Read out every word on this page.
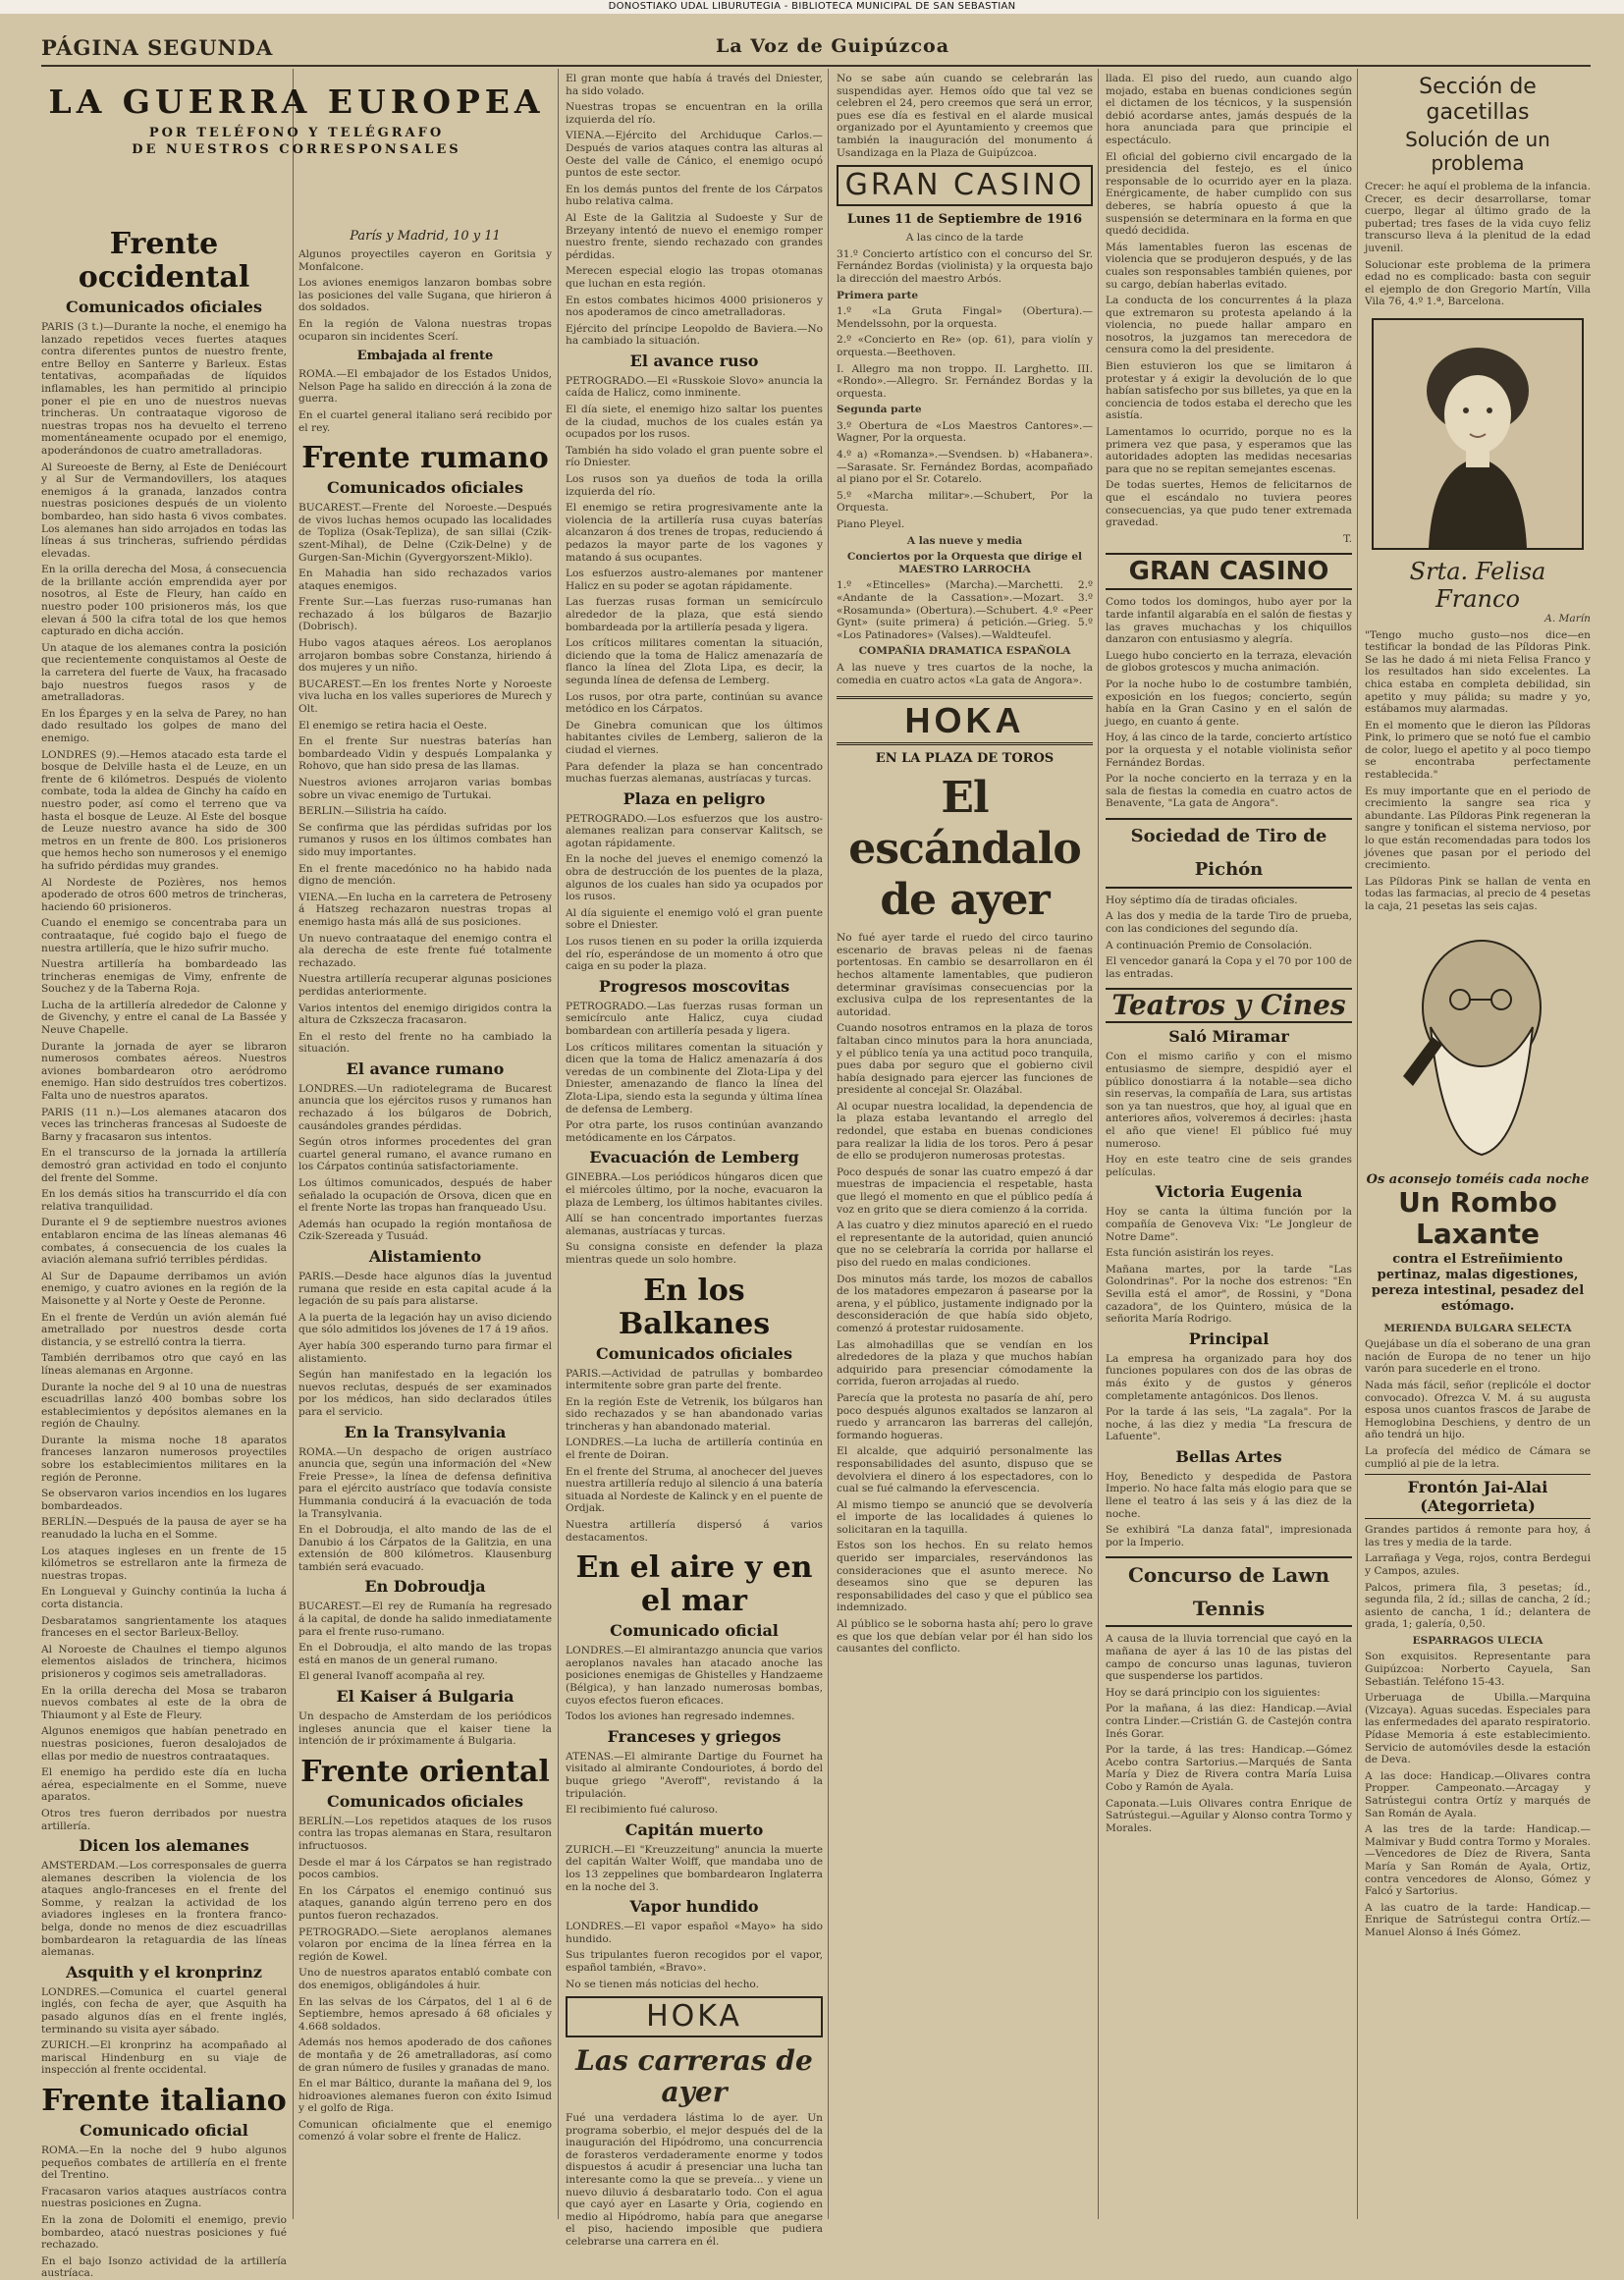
DONOSTIAKO UDAL LIBURUTEGIA - BIBLIOTECA MUNICIPAL DE SAN SEBASTIAN
PÁGINA SEGUNDA	La Voz de Guipúzcoa
LA GUERRA EUROPEA
POR TELÉFONO Y TELÉGRAFO
DE NUESTROS CORRESPONSALES
Frente occidental
Comunicados oficiales

PARIS (3 t.)—Durante la noche, el enemigo ha lanzado repetidos veces fuertes ataques contra diferentes puntos de nuestro frente, entre Belloy en Santerre y Barleux. Estas tentativas, acompañadas de líquidos inflamables, les han permitido al principio poner el pie en uno de nuestros nuevas trincheras. Un contraataque vigoroso de nuestras tropas nos ha devuelto el terreno momentáneamente ocupado por el enemigo, apoderándonos de cuatro ametralladoras.

Al Sureoeste de Berny, al Este de Deniécourt y al Sur de Vermandovillers, los ataques enemigos á la granada, lanzados contra nuestras posiciones después de un violento bombardeo, han sido hasta 6 vivos combates. Los alemanes han sido arrojados en todas las líneas á sus trincheras, sufriendo pérdidas elevadas.

En la orilla derecha del Mosa, á consecuencia de la brillante acción emprendida ayer por nosotros, al Este de Fleury, han caído en nuestro poder 100 prisioneros más, los que elevan á 500 la cifra total de los que hemos capturado en dicha acción.

Un ataque de los alemanes contra la posición que recientemente conquistamos al Oeste de la carretera del fuerte de Vaux, ha fracasado bajo nuestros fuegos rasos y de ametralladoras.

En los Éparges y en la selva de Parey, no han dado resultado los golpes de mano del enemigo.

LONDRES (9).—Hemos atacado esta tarde el bosque de Delville hasta el de Leuze, en un frente de 6 kilómetros. Después de violento combate, toda la aldea de Ginchy ha caído en nuestro poder, así como el terreno que va hasta el bosque de Leuze. Al Este del bosque de Leuze nuestro avance ha sido de 300 metros en un frente de 800. Los prisioneros que hemos hecho son numerosos y el enemigo ha sufrido pérdidas muy grandes.

Al Nordeste de Pozières, nos hemos apoderado de otros 600 metros de trincheras, haciendo 60 prisioneros.

Cuando el enemigo se concentraba para un contraataque, fué cogido bajo el fuego de nuestra artillería, que le hizo sufrir mucho.

Nuestra artillería ha bombardeado las trincheras enemigas de Vimy, enfrente de Souchez y de la Taberna Roja.

Lucha de la artillería alrededor de Calonne y de Givenchy, y entre el canal de La Bassée y Neuve Chapelle.

Durante la jornada de ayer se libraron numerosos combates aéreos. Nuestros aviones bombardearon otro aeródromo enemigo. Han sido destruídos tres cobertizos. Falta uno de nuestros aparatos.

PARIS (11 n.)—Los alemanes atacaron dos veces las trincheras francesas al Sudoeste de Barny y fracasaron sus intentos.

En el transcurso de la jornada la artillería demostró gran actividad en todo el conjunto del frente del Somme.

En los demás sitios ha transcurrido el día con relativa tranquilidad.

Durante el 9 de septiembre nuestros aviones entablaron encima de las líneas alemanas 46 combates, á consecuencia de los cuales la aviación alemana sufrió terribles pérdidas.

Al Sur de Dapaume derribamos un avión enemigo, y cuatro aviones en la región de la Maisonette y al Norte y Oeste de Peronne.

En el frente de Verdún un avión alemán fué ametrallado por nuestros desde corta distancia, y se estrelló contra la tierra.

También derribamos otro que cayó en las líneas alemanas en Argonne.

Durante la noche del 9 al 10 una de nuestras escuadrillas lanzó 400 bombas sobre los establecimientos y depósitos alemanes en la región de Chaulny.

Durante la misma noche 18 aparatos franceses lanzaron numerosos proyectiles sobre los establecimientos militares en la región de Peronne.

Se observaron varios incendios en los lugares bombardeados.

BERLÍN.—Después de la pausa de ayer se ha reanudado la lucha en el Somme.

Los ataques ingleses en un frente de 15 kilómetros se estrellaron ante la firmeza de nuestras tropas.

En Longueval y Guinchy continúa la lucha á corta distancia.

Desbaratamos sangrientamente los ataques franceses en el sector Barleux-Belloy.

Al Noroeste de Chaulnes el tiempo algunos elementos aislados de trinchera, hicimos prisioneros y cogimos seis ametralladoras.

En la orilla derecha del Mosa se trabaron nuevos combates al este de la obra de Thiaumont y al Este de Fleury.

Algunos enemigos que habían penetrado en nuestras posiciones, fueron desalojados de ellas por medio de nuestros contraataques.

El enemigo ha perdido este día en lucha aérea, especialmente en el Somme, nueve aparatos.

Otros tres fueron derribados por nuestra artillería.

Dicen los alemanes

AMSTERDAM.—Los corresponsales de guerra alemanes describen la violencia de los ataques anglo-franceses en el frente del Somme, y realzan la actividad de los aviadores ingleses en la frontera franco-belga, donde no menos de diez escuadrillas bombardearon la retaguardia de las líneas alemanas.

Asquith y el kronprinz

LONDRES.—Comunica el cuartel general inglés, con fecha de ayer, que Asquith ha pasado algunos días en el frente inglés, terminando su visita ayer sábado.

ZURICH.—El kronprinz ha acompañado al mariscal Hindenburg en su viaje de inspección al frente occidental.

Frente italiano
Comunicado oficial

ROMA.—En la noche del 9 hubo algunos pequeños combates de artillería en el frente del Trentino.

Fracasaron varios ataques austríacos contra nuestras posiciones en Zugna.

En la zona de Dolomiti el enemigo, previo bombardeo, atacó nuestras posiciones y fué rechazado.

En el bajo Isonzo actividad de la artillería austríaca.

París y Madrid, 10 y 11

Algunos proyectiles cayeron en Goritsia y Monfalcone.

Los aviones enemigos lanzaron bombas sobre las posiciones del valle Sugana, que hirieron á dos soldados.

En la región de Valona nuestras tropas ocuparon sin incidentes Scerí.

Embajada al frente

ROMA.—El embajador de los Estados Unidos, Nelson Page ha salido en dirección á la zona de guerra.

En el cuartel general italiano será recibido por el rey.

Frente rumano
Comunicados oficiales

BUCAREST.—Frente del Noroeste.—Después de vivos luchas hemos ocupado las localidades de Topliza (Osak-Tepliza), de san sillai (Czik-szent-Mihal), de Delne (Czik-Delne) y de Gurgen-San-Michin (Gyvergyorszent-Miklo).

En Mahadia han sido rechazados varios ataques enemigos.

Frente Sur.—Las fuerzas ruso-rumanas han rechazado á los búlgaros de Bazarjio (Dobrisch).

Hubo vagos ataques aéreos. Los aeroplanos arrojaron bombas sobre Constanza, hiriendo á dos mujeres y un niño.

BUCAREST.—En los frentes Norte y Noroeste viva lucha en los valles superiores de Murech y Olt.

El enemigo se retira hacia el Oeste.

En el frente Sur nuestras baterías han bombardeado Vidin y después Lompalanka y Rohovo, que han sido presa de las llamas.

Nuestros aviones arrojaron varias bombas sobre un vivac enemigo de Turtukai.

BERLIN.—Silistria ha caído.

Se confirma que las pérdidas sufridas por los rumanos y rusos en los últimos combates han sido muy importantes.

En el frente macedónico no ha habido nada digno de mención.

VIENA.—En lucha en la carretera de Petroseny á Hatszeg rechazaron nuestras tropas al enemigo hasta más allá de sus posiciones.

Un nuevo contraataque del enemigo contra el ala derecha de este frente fué totalmente rechazado.

Nuestra artillería recuperar algunas posiciones perdidas anteriormente.

Varios intentos del enemigo dirigidos contra la altura de Czkszecza fracasaron.

En el resto del frente no ha cambiado la situación.

El avance rumano

LONDRES.—Un radiotelegrama de Bucarest anuncia que los ejércitos rusos y rumanos han rechazado á los búlgaros de Dobrich, causándoles grandes pérdidas.

Según otros informes procedentes del gran cuartel general rumano, el avance rumano en los Cárpatos continúa satisfactoriamente.

Los últimos comunicados, después de haber señalado la ocupación de Orsova, dicen que en el frente Norte las tropas han franqueado Usu.

Además han ocupado la región montañosa de Czik-Szereada y Tusuád.

Alistamiento

PARIS.—Desde hace algunos días la juventud rumana que reside en esta capital acude á la legación de su país para alistarse.

A la puerta de la legación hay un aviso diciendo que sólo admitidos los jóvenes de 17 á 19 años.

Ayer había 300 esperando turno para firmar el alistamiento.

Según han manifestado en la legación los nuevos reclutas, después de ser examinados por los médicos, han sido declarados útiles para el servicio.

En la Transylvania

ROMA.—Un despacho de origen austríaco anuncia que, según una información del «New Freie Presse», la línea de defensa definitiva para el ejército austríaco que todavía consiste Hummania conducirá á la evacuación de toda la Transylvania.

En el Dobroudja, el alto mando de las de el Danubio á los Cárpatos de la Galitzia, en una extensión de 800 kilómetros. Klausenburg también será evacuado.

En Dobroudja

BUCAREST.—El rey de Rumanía ha regresado á la capital, de donde ha salido inmediatamente para el frente ruso-rumano.

En el Dobroudja, el alto mando de las tropas está en manos de un general rumano.

El general Ivanoff acompaña al rey.

El Kaiser á Bulgaria

Un despacho de Amsterdam de los periódicos ingleses anuncia que el kaiser tiene la intención de ir próximamente á Bulgaria.

Frente oriental
Comunicados oficiales

BERLÍN.—Los repetidos ataques de los rusos contra las tropas alemanas en Stara, resultaron infructuosos.

Desde el mar á los Cárpatos se han registrado pocos cambios.

En los Cárpatos el enemigo continuó sus ataques, ganando algún terreno pero en dos puntos fueron rechazados.

PETROGRADO.—Siete aeroplanos alemanes volaron por encima de la línea férrea en la región de Kowel.

Uno de nuestros aparatos entabló combate con dos enemigos, obligándoles á huir.

En las selvas de los Cárpatos, del 1 al 6 de Septiembre, hemos apresado á 68 oficiales y 4.668 soldados.

Además nos hemos apoderado de dos cañones de montaña y de 26 ametralladoras, así como de gran número de fusiles y granadas de mano.

En el mar Báltico, durante la mañana del 9, los hidroaviones alemanes fueron con éxito Isimud y el golfo de Riga.

Comunican oficialmente que el enemigo comenzó á volar sobre el frente de Halicz.

El gran monte que había á través del Dniester, ha sido volado.

Nuestras tropas se encuentran en la orilla izquierda del río.

VIENA.—Ejército del Archiduque Carlos.—Después de varios ataques contra las alturas al Oeste del valle de Cánico, el enemigo ocupó puntos de este sector.

En los demás puntos del frente de los Cárpatos hubo relativa calma.

Al Este de la Galitzia al Sudoeste y Sur de Brzeyany intentó de nuevo el enemigo romper nuestro frente, siendo rechazado con grandes pérdidas.

Merecen especial elogio las tropas otomanas que luchan en esta región.

En estos combates hicimos 4000 prisioneros y nos apoderamos de cinco ametralladoras.

Ejército del príncipe Leopoldo de Baviera.—No ha cambiado la situación.

El avance ruso

PETROGRADO.—El «Russkoie Slovo» anuncia la caída de Halicz, como inminente.

El día siete, el enemigo hizo saltar los puentes de la ciudad, muchos de los cuales están ya ocupados por los rusos.

También ha sido volado el gran puente sobre el río Dniester.

Los rusos son ya dueños de toda la orilla izquierda del río.

El enemigo se retira progresivamente ante la violencia de la artillería rusa cuyas baterías alcanzaron á dos trenes de tropas, reduciendo á pedazos la mayor parte de los vagones y matando á sus ocupantes.

Los esfuerzos austro-alemanes por mantener Halicz en su poder se agotan rápidamente.

Las fuerzas rusas forman un semicírculo alrededor de la plaza, que está siendo bombardeada por la artillería pesada y ligera.

Los críticos militares comentan la situación, diciendo que la toma de Halicz amenazaría de flanco la línea del Zlota Lipa, es decir, la segunda línea de defensa de Lemberg.

Los rusos, por otra parte, continúan su avance metódico en los Cárpatos.

De Ginebra comunican que los últimos habitantes civiles de Lemberg, salieron de la ciudad el viernes.

Para defender la plaza se han concentrado muchas fuerzas alemanas, austríacas y turcas.

Plaza en peligro

PETROGRADO.—Los esfuerzos que los austro-alemanes realizan para conservar Kalitsch, se agotan rápidamente.

En la noche del jueves el enemigo comenzó la obra de destrucción de los puentes de la plaza, algunos de los cuales han sido ya ocupados por los rusos.

Al día siguiente el enemigo voló el gran puente sobre el Dniester.

Los rusos tienen en su poder la orilla izquierda del río, esperándose de un momento á otro que caiga en su poder la plaza.

Progresos moscovitas

PETROGRADO.—Las fuerzas rusas forman un semicírculo ante Halicz, cuya ciudad bombardean con artillería pesada y ligera.

Los críticos militares comentan la situación y dicen que la toma de Halicz amenazaría á dos veredas de un combinente del Zlota-Lipa y del Dniester, amenazando de flanco la línea del Zlota-Lipa, siendo esta la segunda y última línea de defensa de Lemberg.

Por otra parte, los rusos continúan avanzando metódicamente en los Cárpatos.

Evacuación de Lemberg

GINEBRA.—Los periódicos húngaros dicen que el miércoles último, por la noche, evacuaron la plaza de Lemberg, los últimos habitantes civiles.

Allí se han concentrado importantes fuerzas alemanas, austríacas y turcas.

Su consigna consiste en defender la plaza mientras quede un solo hombre.

En los Balkanes
Comunicados oficiales

PARIS.—Actividad de patrullas y bombardeo intermitente sobre gran parte del frente.

En la región Este de Vetrenik, los búlgaros han sido rechazados y se han abandonado varias trincheras y han abandonado material.

LONDRES.—La lucha de artillería continúa en el frente de Doiran.

En el frente del Struma, al anochecer del jueves nuestra artillería redujo al silencio á una batería situada al Nordeste de Kalinck y en el puente de Ordjak.

Nuestra artillería dispersó á varios destacamentos.

En el aire y en el mar
Comunicado oficial

LONDRES.—El almirantazgo anuncia que varios aeroplanos navales han atacado anoche las posiciones enemigas de Ghistelles y Handzaeme (Bélgica), y han lanzado numerosas bombas, cuyos efectos fueron eficaces.

Todos los aviones han regresado indemnes.

Franceses y griegos

ATENAS.—El almirante Dartige du Fournet ha visitado al almirante Condouriotes, á bordo del buque griego "Averoff", revistando á la tripulación.

El recibimiento fué caluroso.

Capitán muerto

ZURICH.—El "Kreuzzeitung" anuncia la muerte del capitán Walter Wolff, que mandaba uno de los 13 zeppelines que bombardearon Inglaterra en la noche del 3.

Vapor hundido

LONDRES.—El vapor español «Mayo» ha sido hundido.

Sus tripulantes fueron recogidos por el vapor, español también, «Bravo».

No se tienen más noticias del hecho.

HOKA
Las carreras de ayer

Fué una verdadera lástima lo de ayer. Un programa soberbio, el mejor después del de la inauguración del Hipódromo, una concurrencia de forasteros verdaderamente enorme y todos dispuestos á acudir á presenciar una lucha tan interesante como la que se preveía... y viene un nuevo diluvio á desbaratarlo todo. Con el agua que cayó ayer en Lasarte y Oria, cogiendo en medio al Hipódromo, había para que anegarse el piso, haciendo imposible que pudiera celebrarse una carrera en él.

No se sabe aún cuando se celebrarán las suspendidas ayer. Hemos oído que tal vez se celebren el 24, pero creemos que será un error, pues ese día es festival en el alarde musical organizado por el Ayuntamiento y creemos que también la inauguración del monumento á Usandizaga en la Plaza de Guipúzcoa.

GRAN CASINO
Lunes 11 de Septiembre de 1916

A las cinco de la tarde

31.º Concierto artístico con el concurso del Sr. Fernández Bordas (violinista) y la orquesta bajo la dirección del maestro Arbós.

Primera parte

1.º «La Gruta Fingal» (Obertura).—Mendelssohn, por la orquesta.

2.º «Concierto en Re» (op. 61), para violín y orquesta.—Beethoven.

I. Allegro ma non troppo. II. Larghetto. III. «Rondo».—Allegro. Sr. Fernández Bordas y la orquesta.

Segunda parte

3.º Obertura de «Los Maestros Cantores».—Wagner, Por la orquesta.

4.º a) «Romanza».—Svendsen. b) «Habanera».—Sarasate. Sr. Fernández Bordas, acompañado al piano por el Sr. Cotarelo.

5.º «Marcha militar».—Schubert, Por la Orquesta.

Piano Pleyel.

A las nueve y media

Conciertos por la Orquesta que dirige el MAESTRO LARROCHA

1.º «Etincelles» (Marcha).—Marchetti. 2.º «Andante de la Cassation».—Mozart. 3.º «Rosamunda» (Obertura).—Schubert. 4.º «Peer Gynt» (suite primera) á petición.—Grieg. 5.º «Los Patinadores» (Valses).—Waldteufel.

COMPAÑIA DRAMATICA ESPAÑOLA

A las nueve y tres cuartos de la noche, la comedia en cuatro actos «La gata de Angora».

HOKA
EN LA PLAZA DE TOROS
El escándalo de ayer

No fué ayer tarde el ruedo del circo taurino escenario de bravas peleas ni de faenas portentosas. En cambio se desarrollaron en él hechos altamente lamentables, que pudieron determinar gravísimas consecuencias por la exclusiva culpa de los representantes de la autoridad.

Cuando nosotros entramos en la plaza de toros faltaban cinco minutos para la hora anunciada, y el público tenía ya una actitud poco tranquila, pues daba por seguro que el gobierno civil había designado para ejercer las funciones de presidente al concejal Sr. Olazábal.

Al ocupar nuestra localidad, la dependencia de la plaza estaba levantando el arreglo del redondel, que estaba en buenas condiciones para realizar la lidia de los toros. Pero á pesar de ello se produjeron numerosas protestas.

Poco después de sonar las cuatro empezó á dar muestras de impaciencia el respetable, hasta que llegó el momento en que el público pedía á voz en grito que se diera comienzo á la corrida.

A las cuatro y diez minutos apareció en el ruedo el representante de la autoridad, quien anunció que no se celebraría la corrida por hallarse el piso del ruedo en malas condiciones.

Dos minutos más tarde, los mozos de caballos de los matadores empezaron á pasearse por la arena, y el público, justamente indignado por la desconsideración de que había sido objeto, comenzó á protestar ruidosamente.

Las almohadillas que se vendían en los alrededores de la plaza y que muchos habían adquirido para presenciar cómodamente la corrida, fueron arrojadas al ruedo.

Parecía que la protesta no pasaría de ahí, pero poco después algunos exaltados se lanzaron al ruedo y arrancaron las barreras del callejón, formando hogueras.

El alcalde, que adquirió personalmente las responsabilidades del asunto, dispuso que se devolviera el dinero á los espectadores, con lo cual se fué calmando la efervescencia.

Al mismo tiempo se anunció que se devolvería el importe de las localidades á quienes lo solicitaran en la taquilla.

Estos son los hechos. En su relato hemos querido ser imparciales, reservándonos las consideraciones que el asunto merece. No deseamos sino que se depuren las responsabilidades del caso y que el público sea indemnizado.

Al público se le soborna hasta ahí; pero lo grave es que los que debían velar por él han sido los causantes del conflicto.

llada. El piso del ruedo, aun cuando algo mojado, estaba en buenas condiciones según el dictamen de los técnicos, y la suspensión debió acordarse antes, jamás después de la hora anunciada para que principie el espectáculo.

El oficial del gobierno civil encargado de la presidencia del festejo, es el único responsable de lo ocurrido ayer en la plaza. Enérgicamente, de haber cumplido con sus deberes, se habría opuesto á que la suspensión se determinara en la forma en que quedó decidida.

Más lamentables fueron las escenas de violencia que se produjeron después, y de las cuales son responsables también quienes, por su cargo, debían haberlas evitado.

La conducta de los concurrentes á la plaza que extremaron su protesta apelando á la violencia, no puede hallar amparo en nosotros, la juzgamos tan merecedora de censura como la del presidente.

Bien estuvieron los que se limitaron á protestar y á exigir la devolución de lo que habían satisfecho por sus billetes, ya que en la conciencia de todos estaba el derecho que les asistía.

Lamentamos lo ocurrido, porque no es la primera vez que pasa, y esperamos que las autoridades adopten las medidas necesarias para que no se repitan semejantes escenas.

De todas suertes, Hemos de felicitarnos de que el escándalo no tuviera peores consecuencias, ya que pudo tener extremada gravedad.

T.

GRAN CASINO

Como todos los domingos, hubo ayer por la tarde infantil algarabía en el salón de fiestas y las graves muchachas y los chiquillos danzaron con entusiasmo y alegría.

Luego hubo concierto en la terraza, elevación de globos grotescos y mucha animación.

Por la noche hubo lo de costumbre también, exposición en los fuegos; concierto, según había en la Gran Casino y en el salón de juego, en cuanto á gente.

Hoy, á las cinco de la tarde, concierto artístico por la orquesta y el notable violinista señor Fernández Bordas.

Por la noche concierto en la terraza y en la sala de fiestas la comedia en cuatro actos de Benavente, "La gata de Angora".

Sociedad de Tiro de Pichón

Hoy séptimo día de tiradas oficiales.

A las dos y media de la tarde Tiro de prueba, con las condiciones del segundo día.

A continuación Premio de Consolación.

El vencedor ganará la Copa y el 70 por 100 de las entradas.

Teatros y Cines
Saló Miramar

Con el mismo cariño y con el mismo entusiasmo de siempre, despidió ayer el público donostiarra á la notable—sea dicho sin reservas, la compañía de Lara, sus artistas son ya tan nuestros, que hoy, al igual que en anteriores años, volveremos á decirles: ¡hasta el año que viene! El público fué muy numeroso.

Hoy en este teatro cine de seis grandes películas.

Victoria Eugenia

Hoy se canta la última función por la compañía de Genoveva Vix: "Le Jongleur de Notre Dame".

Esta función asistirán los reyes.

Mañana martes, por la tarde "Las Golondrinas". Por la noche dos estrenos: "En Sevilla está el amor", de Rossini, y "Dona cazadora", de los Quintero, música de la señorita María Rodrigo.

Principal

La empresa ha organizado para hoy dos funciones populares con dos de las obras de más éxito y de gustos y géneros completamente antagónicos. Dos llenos.

Por la tarde á las seis, "La zagala". Por la noche, á las diez y media "La frescura de Lafuente".

Bellas Artes

Hoy, Benedicto y despedida de Pastora Imperio. No hace falta más elogio para que se llene el teatro á las seis y á las diez de la noche.

Se exhibirá "La danza fatal", impresionada por la Imperio.

Concurso de Lawn Tennis

A causa de la lluvia torrencial que cayó en la mañana de ayer á las 10 de las pistas del campo de concurso unas lagunas, tuvieron que suspenderse los partidos.

Hoy se dará principio con los siguientes:

Por la mañana, á las diez: Handicap.—Avial contra Linder.—Cristián G. de Castejón contra Inés Gorar.

Por la tarde, á las tres: Handicap.—Gómez Acebo contra Sartorius.—Marqués de Santa María y Diez de Rivera contra María Luisa Cobo y Ramón de Ayala.

Caponata.—Luis Olivares contra Enrique de Satrústegui.—Aguilar y Alonso contra Tormo y Morales.

Sección de gacetillas
Solución de un problema

Crecer: he aquí el problema de la infancia. Crecer, es decir desarrollarse, tomar cuerpo, llegar al último grado de la pubertad; tres fases de la vida cuyo feliz transcurso lleva á la plenitud de la edad juvenil.

Solucionar este problema de la primera edad no es complicado: basta con seguir el ejemplo de don Gregorio Martín, Villa Vila 76, 4.º 1.ª, Barcelona.

Srta. Felisa Franco

A. Marín

"Tengo mucho gusto—nos dice—en testificar la bondad de las Píldoras Pink. Se las he dado á mi nieta Felisa Franco y los resultados han sido excelentes. La chica estaba en completa debilidad, sin apetito y muy pálida; su madre y yo, estábamos muy alarmadas.

En el momento que le dieron las Píldoras Pink, lo primero que se notó fue el cambio de color, luego el apetito y al poco tiempo se encontraba perfectamente restablecida."

Es muy importante que en el periodo de crecimiento la sangre sea rica y abundante. Las Píldoras Pink regeneran la sangre y tonifican el sistema nervioso, por lo que están recomendadas para todos los jóvenes que pasan por el periodo del crecimiento.

Las Píldoras Pink se hallan de venta en todas las farmacias, al precio de 4 pesetas la caja, 21 pesetas las seis cajas.

Os aconsejo toméis cada noche
Un Rombo Laxante
contra el Estreñimiento pertinaz, malas digestiones, pereza intestinal, pesadez del estómago.

MERIENDA BULGARA SELECTA

Quejábase un día el soberano de una gran nación de Europa de no tener un hijo varón para sucederle en el trono.

Nada más fácil, señor (replicóle el doctor convocado). Ofrezca V. M. á su augusta esposa unos cuantos frascos de Jarabe de Hemoglobina Deschiens, y dentro de un año tendrá un hijo.

La profecía del médico de Cámara se cumplió al pie de la letra.

Frontón Jai-Alai (Ategorrieta)

Grandes partidos á remonte para hoy, á las tres y media de la tarde.

Larrañaga y Vega, rojos, contra Berdegui y Campos, azules.

Palcos, primera fila, 3 pesetas; íd., segunda fila, 2 íd.; sillas de cancha, 2 íd.; asiento de cancha, 1 íd.; delantera de grada, 1; galería, 0,50.

ESPARRAGOS ULECIA

Son exquisitos. Representante para Guipúzcoa: Norberto Cayuela, San Sebastián. Teléfono 15-43.

Urberuaga de Ubilla.—Marquina (Vizcaya). Aguas sucedas. Especiales para las enfermedades del aparato respiratorio. Pídase Memoria á este establecimiento. Servicio de automóviles desde la estación de Deva.

A las doce: Handicap.—Olivares contra Propper. Campeonato.—Arcagay y Satrústegui contra Ortíz y marqués de San Román de Ayala.

A las tres de la tarde: Handicap.—Malmivar y Budd contra Tormo y Morales.—Vencedores de Díez de Rivera, Santa María y San Román de Ayala, Ortiz, contra vencedores de Alonso, Gómez y Falcó y Sartorius.

A las cuatro de la tarde: Handicap.—Enrique de Satrústegui contra Ortíz.—Manuel Alonso á Inés Gómez.
